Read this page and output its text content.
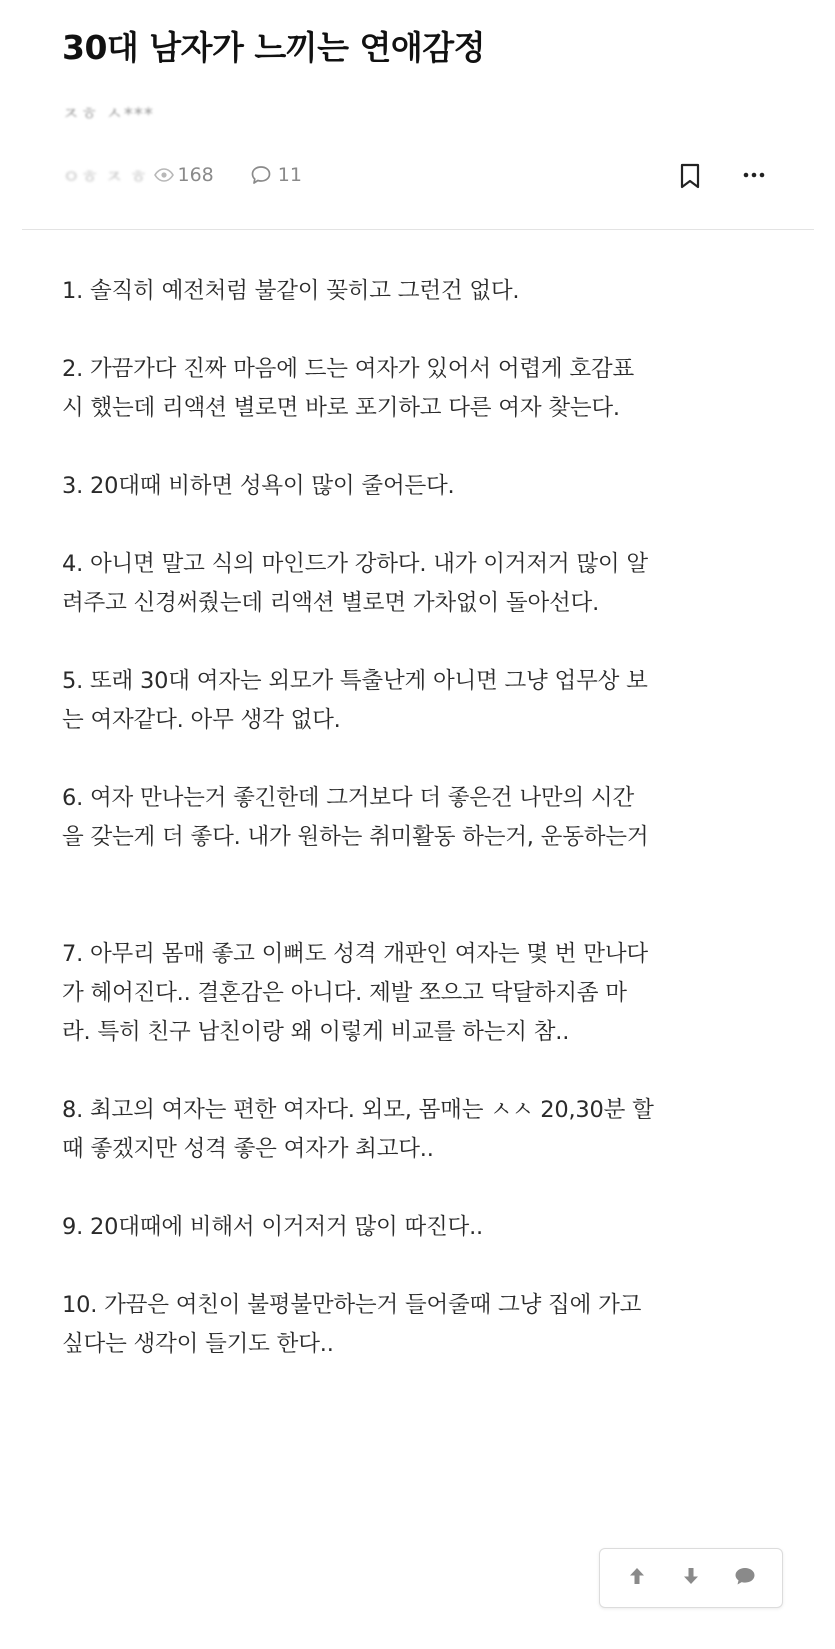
30대 남자가 느끼는 연애감정
ㅈㅎ ㅅ***
ㅇㅎ ㅈ ㅎ 168	11

1. 솔직히 예전처럼 불같이 꽂히고 그런건 없다.

2. 가끔가다 진짜 마음에 드는 여자가 있어서 어렵게 호감표

시 했는데 리액션 별로면 바로 포기하고 다른 여자 찾는다.

3. 20대때 비하면 성욕이 많이 줄어든다.

4. 아니면 말고 식의 마인드가 강하다. 내가 이거저거 많이 알

려주고 신경써줬는데 리액션 별로면 가차없이 돌아선다.

5. 또래 30대 여자는 외모가 특출난게 아니면 그냥 업무상 보

는 여자같다. 아무 생각 없다.

6. 여자 만나는거 좋긴한데 그거보다 더 좋은건 나만의 시간

을 갖는게 더 좋다. 내가 원하는 취미활동 하는거, 운동하는거

7. 아무리 몸매 좋고 이뻐도 성격 개판인 여자는 몇 번 만나다

가 헤어진다.. 결혼감은 아니다. 제발 쪼으고 닥달하지좀 마

라. 특히 친구 남친이랑 왜 이렇게 비교를 하는지 참..

8. 최고의 여자는 편한 여자다. 외모, 몸매는 ㅅㅅ 20,30분 할

때 좋겠지만 성격 좋은 여자가 최고다..

9. 20대때에 비해서 이거저거 많이 따진다..

10. 가끔은 여친이 불평불만하는거 들어줄때 그냥 집에 가고

싶다는 생각이 들기도 한다..
